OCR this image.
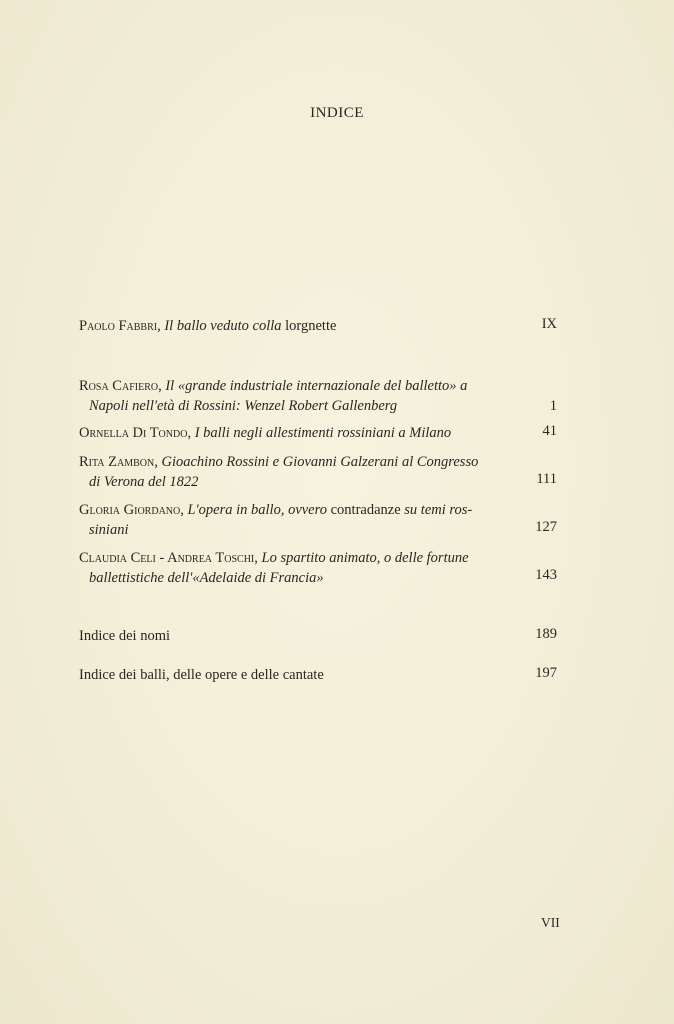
INDICE
Paolo Fabbri, Il ballo veduto colla lorgnette	IX
Rosa Cafiero, Il «grande industriale internazionale del balletto» a
Napoli nell'età di Rossini: Wenzel Robert Gallenberg	1
Ornella Di Tondo, I balli negli allestimenti rossiniani a Milano	41
Rita Zambon, Gioachino Rossini e Giovanni Galzerani al Congresso
di Verona del 1822	111
Gloria Giordano, L'opera in ballo, ovvero contradanze su temi ros-
siniani	127
Claudia Celi - Andrea Toschi, Lo spartito animato, o delle fortune
ballettistiche dell'«Adelaide di Francia»	143
Indice dei nomi	189
Indice dei balli, delle opere e delle cantate	197
VII
